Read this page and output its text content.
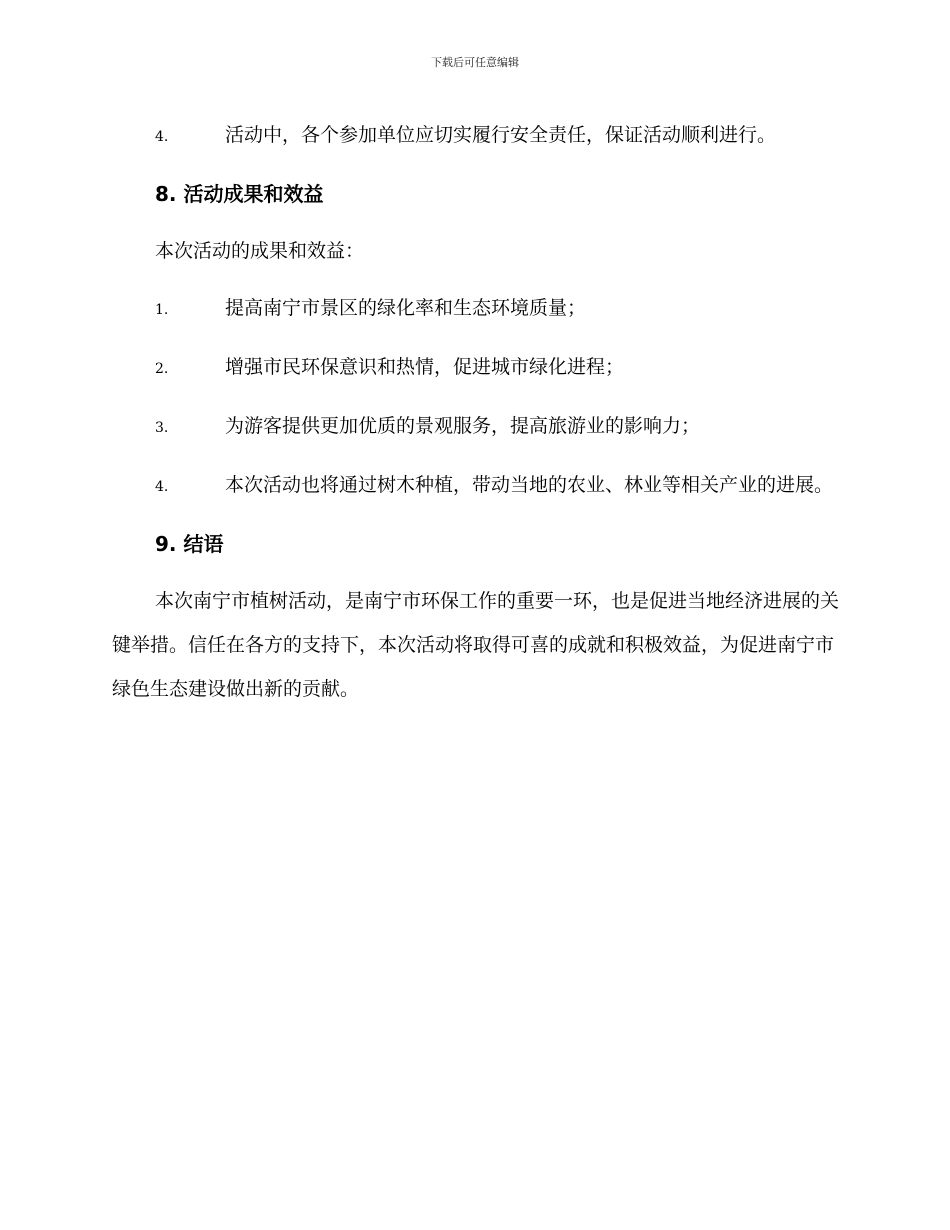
下载后可任意编辑
4.	活动中，各个参加单位应切实履行安全责任，保证活动顺利进行。
8. 活动成果和效益
本次活动的成果和效益：
1.	提高南宁市景区的绿化率和生态环境质量；
2.	增强市民环保意识和热情，促进城市绿化进程；
3.	为游客提供更加优质的景观服务，提高旅游业的影响力；
4.	本次活动也将通过树木种植，带动当地的农业、林业等相关产业的进展。
9. 结语
本次南宁市植树活动，是南宁市环保工作的重要一环，也是促进当地经济进展的关键举措。信任在各方的支持下，本次活动将取得可喜的成就和积极效益，为促进南宁市绿色生态建设做出新的贡献。
